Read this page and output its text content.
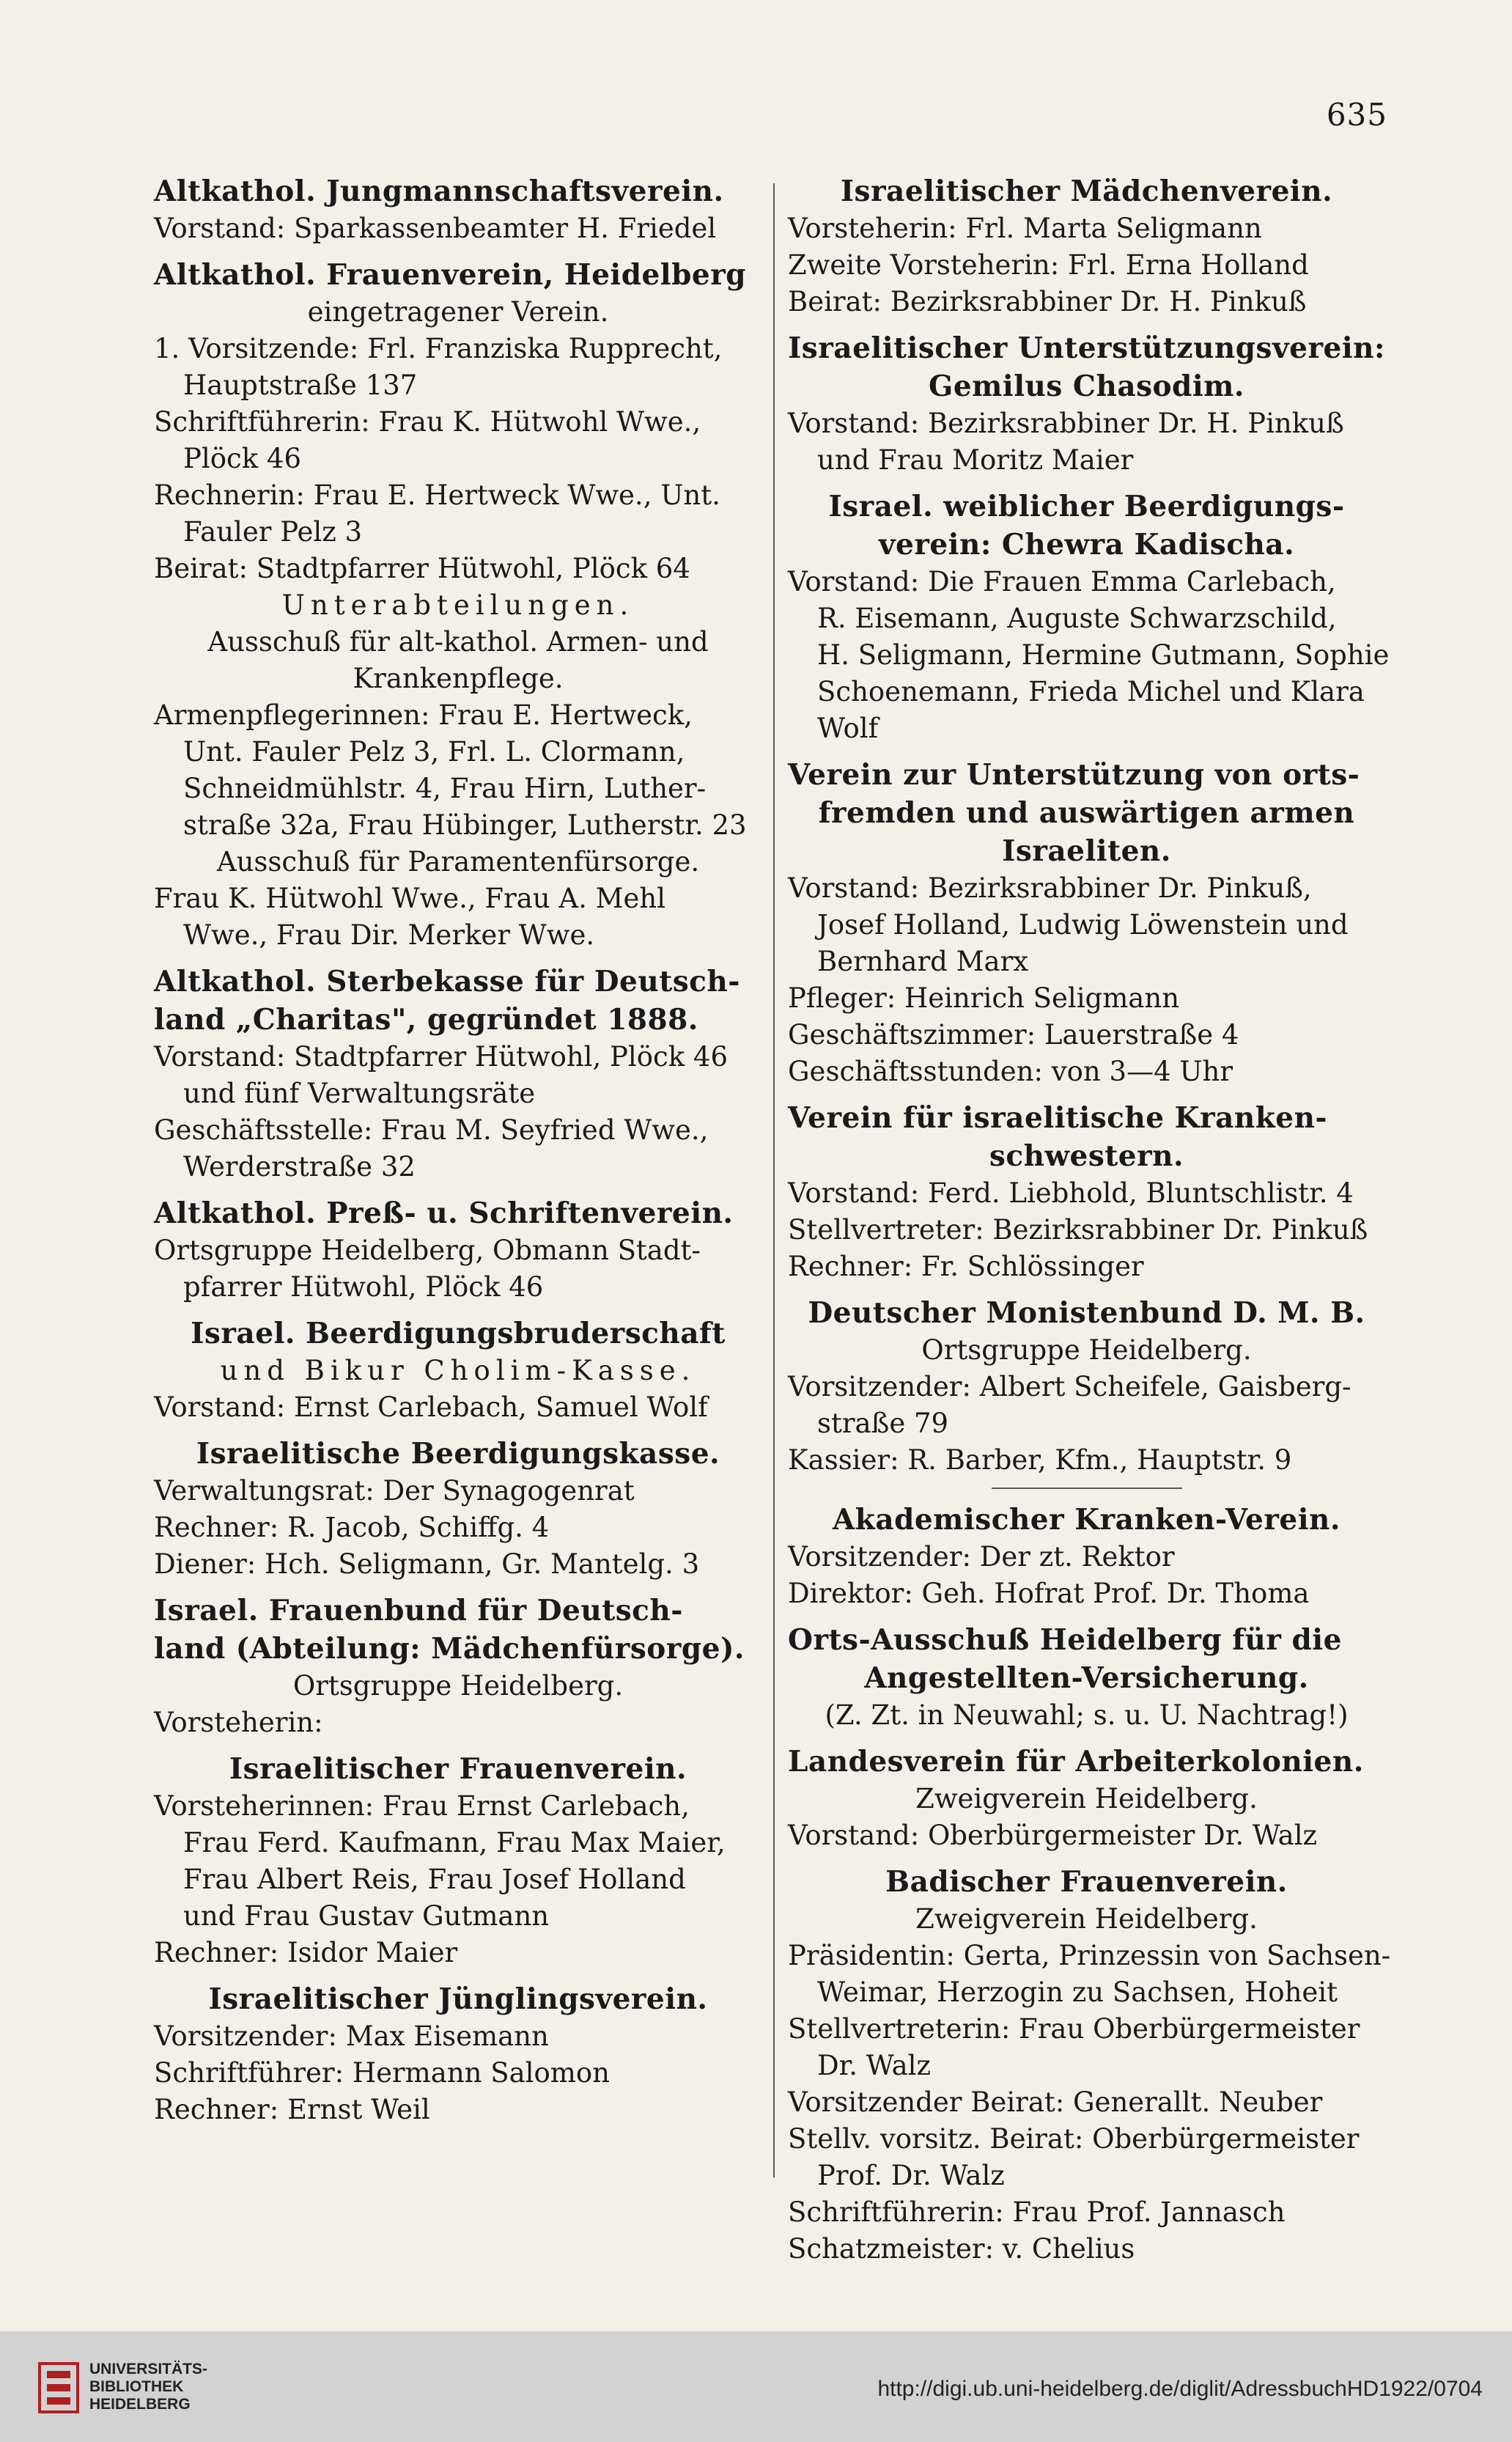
635
Altkathol. Jungmannschaftsverein.
Vorstand: Sparkassenbeamter H. Friedel
Altkathol. Frauenverein, Heidelberg
eingetragener Verein.
1. Vorsitzende: Frl. Franziska Rupprecht,
Hauptstraße 137
Schriftführerin: Frau K. Hütwohl Wwe.,
Plöck 46
Rechnerin: Frau E. Hertweck Wwe., Unt.
Fauler Pelz 3
Beirat: Stadtpfarrer Hütwohl, Plöck 64
Unterabteilungen.
Ausschuß für alt-kathol. Armen- und
Krankenpflege.
Armenpflegerinnen: Frau E. Hertweck,
Unt. Fauler Pelz 3, Frl. L. Clormann,
Schneidmühlstr. 4, Frau Hirn, Luther-
straße 32a, Frau Hübinger, Lutherstr. 23
Ausschuß für Paramentenfürsorge.
Frau K. Hütwohl Wwe., Frau A. Mehl
Wwe., Frau Dir. Merker Wwe.
Altkathol. Sterbekasse für Deutsch-
land „Charitas", gegründet 1888.
Vorstand: Stadtpfarrer Hütwohl, Plöck 46
und fünf Verwaltungsräte
Geschäftsstelle: Frau M. Seyfried Wwe.,
Werderstraße 32
Altkathol. Preß- u. Schriftenverein.
Ortsgruppe Heidelberg, Obmann Stadt-
pfarrer Hütwohl, Plöck 46
Israel. Beerdigungsbruderschaft
und Bikur Cholim-Kasse.
Vorstand: Ernst Carlebach, Samuel Wolf
Israelitische Beerdigungskasse.
Verwaltungsrat: Der Synagogenrat
Rechner: R. Jacob, Schiffg. 4
Diener: Hch. Seligmann, Gr. Mantelg. 3
Israel. Frauenbund für Deutsch-
land (Abteilung: Mädchenfürsorge).
Ortsgruppe Heidelberg.
Vorsteherin:
Israelitischer Frauenverein.
Vorsteherinnen: Frau Ernst Carlebach,
Frau Ferd. Kaufmann, Frau Max Maier,
Frau Albert Reis, Frau Josef Holland
und Frau Gustav Gutmann
Rechner: Isidor Maier
Israelitischer Jünglingsverein.
Vorsitzender: Max Eisemann
Schriftführer: Hermann Salomon
Rechner: Ernst Weil
Israelitischer Mädchenverein.
Vorsteherin: Frl. Marta Seligmann
Zweite Vorsteherin: Frl. Erna Holland
Beirat: Bezirksrabbiner Dr. H. Pinkuß
Israelitischer Unterstützungsverein:
Gemilus Chasodim.
Vorstand: Bezirksrabbiner Dr. H. Pinkuß
und Frau Moritz Maier
Israel. weiblicher Beerdigungs-
verein: Chewra Kadischa.
Vorstand: Die Frauen Emma Carlebach,
R. Eisemann, Auguste Schwarzschild,
H. Seligmann, Hermine Gutmann, Sophie
Schoenemann, Frieda Michel und Klara
Wolf
Verein zur Unterstützung von orts-
fremden und auswärtigen armen
Israeliten.
Vorstand: Bezirksrabbiner Dr. Pinkuß,
Josef Holland, Ludwig Löwenstein und
Bernhard Marx
Pfleger: Heinrich Seligmann
Geschäftszimmer: Lauerstraße 4
Geschäftsstunden: von 3—4 Uhr
Verein für israelitische Kranken-
schwestern.
Vorstand: Ferd. Liebhold, Bluntschlistr. 4
Stellvertreter: Bezirksrabbiner Dr. Pinkuß
Rechner: Fr. Schlössinger
Deutscher Monistenbund D. M. B.
Ortsgruppe Heidelberg.
Vorsitzender: Albert Scheifele, Gaisberg-
straße 79
Kassier: R. Barber, Kfm., Hauptstr. 9
Akademischer Kranken-Verein.
Vorsitzender: Der zt. Rektor
Direktor: Geh. Hofrat Prof. Dr. Thoma
Orts-Ausschuß Heidelberg für die
Angestellten-Versicherung.
(Z. Zt. in Neuwahl; s. u. U. Nachtrag!)
Landesverein für Arbeiterkolonien.
Zweigverein Heidelberg.
Vorstand: Oberbürgermeister Dr. Walz
Badischer Frauenverein.
Zweigverein Heidelberg.
Präsidentin: Gerta, Prinzessin von Sachsen-
Weimar, Herzogin zu Sachsen, Hoheit
Stellvertreterin: Frau Oberbürgermeister
Dr. Walz
Vorsitzender Beirat: Generallt. Neuber
Stellv. vorsitz. Beirat: Oberbürgermeister
Prof. Dr. Walz
Schriftführerin: Frau Prof. Jannasch
Schatzmeister: v. Chelius
UNIVERSITÄTS-
BIBLIOTHEK
HEIDELBERG
http://digi.ub.uni-heidelberg.de/diglit/AdressbuchHD1922/0704
